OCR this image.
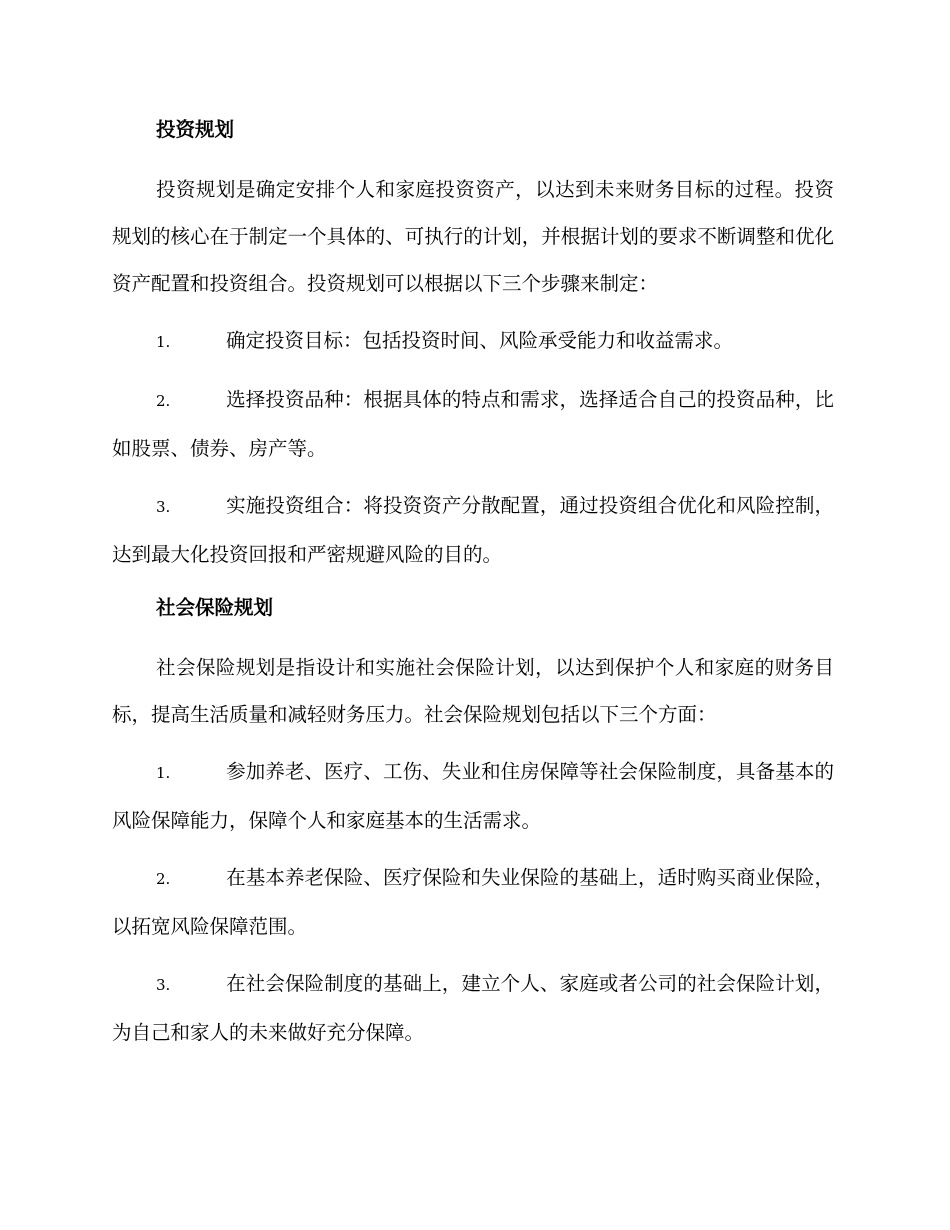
投资规划

投资规划是确定安排个人和家庭投资资产，以达到未来财务目标的过程。投资规划的核心在于制定一个具体的、可执行的计划，并根据计划的要求不断调整和优化资产配置和投资组合。投资规划可以根据以下三个步骤来制定：

1.	确定投资目标：包括投资时间、风险承受能力和收益需求。

2.	选择投资品种：根据具体的特点和需求，选择适合自己的投资品种，比如股票、债券、房产等。

3.	实施投资组合：将投资资产分散配置，通过投资组合优化和风险控制，达到最大化投资回报和严密规避风险的目的。

社会保险规划

社会保险规划是指设计和实施社会保险计划，以达到保护个人和家庭的财务目标，提高生活质量和减轻财务压力。社会保险规划包括以下三个方面：

1.	参加养老、医疗、工伤、失业和住房保障等社会保险制度，具备基本的风险保障能力，保障个人和家庭基本的生活需求。

2.	在基本养老保险、医疗保险和失业保险的基础上，适时购买商业保险，以拓宽风险保障范围。

3.	在社会保险制度的基础上，建立个人、家庭或者公司的社会保险计划，为自己和家人的未来做好充分保障。
